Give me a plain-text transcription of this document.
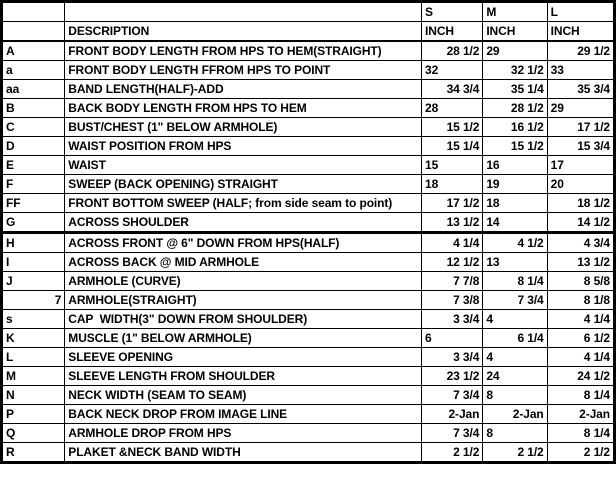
		S	M	L
	DESCRIPTION	INCH	INCH	INCH
A	FRONT BODY LENGTH FROM HPS TO HEM(STRAIGHT)	28 1/2	29	29 1/2
a	FRONT BODY LENGTH FFROM HPS TO POINT	32	32 1/2	33
aa	BAND LENGTH(HALF)-ADD	34 3/4	35 1/4	35 3/4
B	BACK BODY LENGTH FROM HPS TO HEM	28	28 1/2	29
C	BUST/CHEST (1" BELOW ARMHOLE)	15 1/2	16 1/2	17 1/2
D	WAIST POSITION FROM HPS	15 1/4	15 1/2	15 3/4
E	WAIST	15	16	17
F	SWEEP (BACK OPENING) STRAIGHT	18	19	20
FF	FRONT BOTTOM SWEEP (HALF; from side seam to point)	17 1/2	18	18 1/2
G	ACROSS SHOULDER	13 1/2	14	14 1/2
H	ACROSS FRONT @ 6" DOWN FROM HPS(HALF)	4 1/4	4 1/2	4 3/4
I	ACROSS BACK @ MID ARMHOLE	12 1/2	13	13 1/2
J	ARMHOLE (CURVE)	7 7/8	8 1/4	8 5/8
7	ARMHOLE(STRAIGHT)	7 3/8	7 3/4	8 1/8
s	CAP  WIDTH(3" DOWN FROM SHOULDER)	3 3/4	4	4 1/4
K	MUSCLE (1" BELOW ARMHOLE)	6	6 1/4	6 1/2
L	SLEEVE OPENING	3 3/4	4	4 1/4
M	SLEEVE LENGTH FROM SHOULDER	23 1/2	24	24 1/2
N	NECK WIDTH (SEAM TO SEAM)	7 3/4	8	8 1/4
P	BACK NECK DROP FROM IMAGE LINE	2-Jan	2-Jan	2-Jan
Q	ARMHOLE DROP FROM HPS	7 3/4	8	8 1/4
R	PLAKET &NECK BAND WIDTH	2 1/2	2 1/2	2 1/2
